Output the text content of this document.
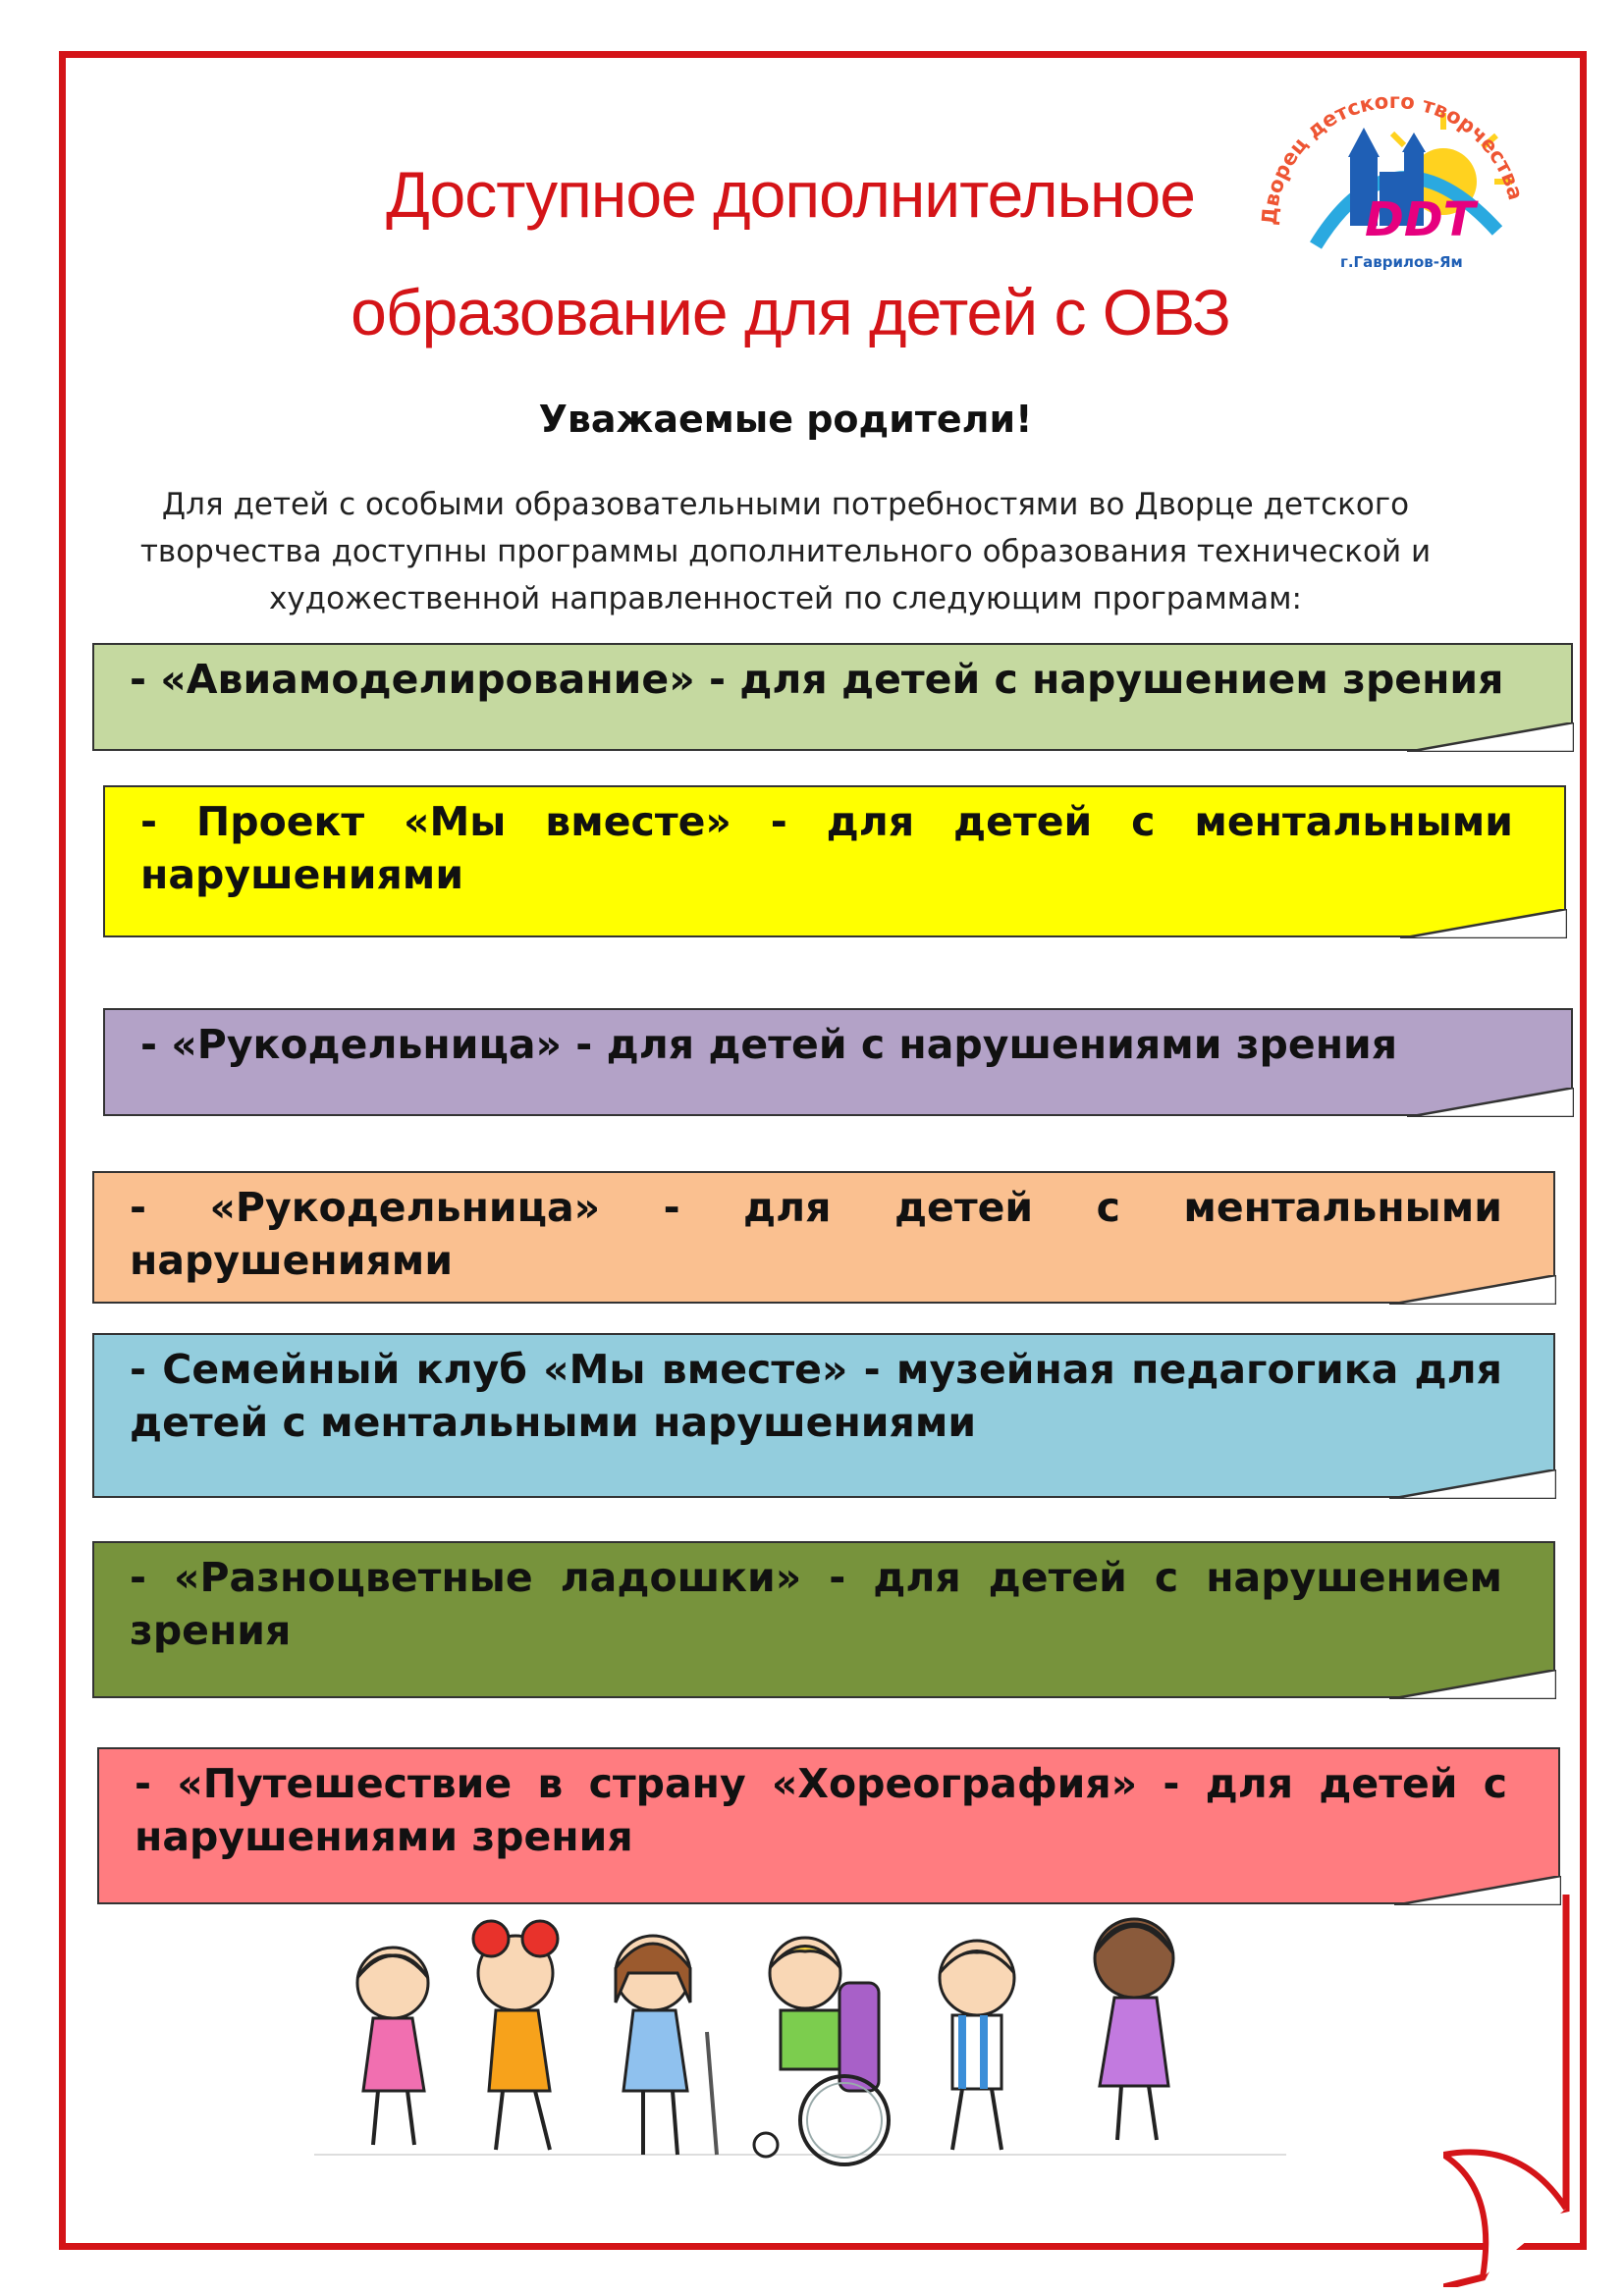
DDT
Дворец детского творчества
г.Гаврилов-Ям
Доступное дополнительное
образование для детей с ОВЗ
Уважаемые родители!
Для детей с особыми образовательными потребностями во Дворце детского творчества доступны программы дополнительного образования технической и художественной направленностей по следующим программам:
- «Авиамоделирование» - для детей с нарушением зрения
- Проект «Мы вместе» - для детей с ментальными нарушениями
- «Рукодельница» - для детей с нарушениями зрения
- «Рукодельница» - для детей с ментальными нарушениями
- Семейный клуб «Мы вместе» - музейная педагогика для детей с ментальными нарушениями
- «Разноцветные ладошки» - для детей с нарушением зрения
- «Путешествие в страну «Хореография» - для детей с нарушениями зрения
